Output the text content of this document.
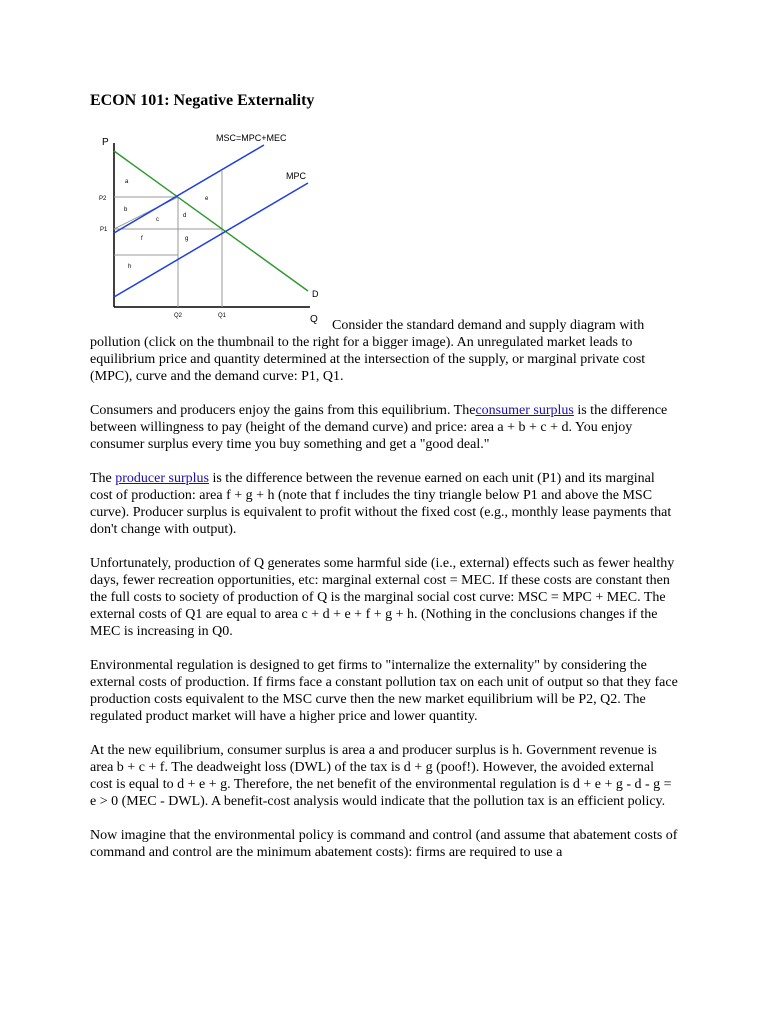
ECON 101: Negative Externality
P
Q
MSC=MPC+MEC
MPC
D
P2
P1
Q2	Q1
a
b
c
d
e
f	g
h
Consider the standard demand and supply diagram with

pollution (click on the thumbnail to the right for a bigger image). An unregulated market leads to equilibrium price and quantity determined at the intersection of the supply, or marginal private cost (MPC), curve and the demand curve: P1, Q1.

Consumers and producers enjoy the gains from this equilibrium. Theconsumer surplus is the difference between willingness to pay (height of the demand curve) and price: area a + b + c + d. You enjoy consumer surplus every time you buy something and get a "good deal."

The producer surplus is the difference between the revenue earned on each unit (P1) and its marginal cost of production: area f + g + h (note that f includes the tiny triangle below P1 and above the MSC curve). Producer surplus is equivalent to profit without the fixed cost (e.g., monthly lease payments that don't change with output).

Unfortunately, production of Q generates some harmful side (i.e., external) effects such as fewer healthy days, fewer recreation opportunities, etc: marginal external cost = MEC. If these costs are constant then the full costs to society of production of Q is the marginal social cost curve: MSC = MPC + MEC. The external costs of Q1 are equal to area c + d + e + f + g + h. (Nothing in the conclusions changes if the MEC is increasing in Q0.

Environmental regulation is designed to get firms to "internalize the externality" by considering the external costs of production. If firms face a constant pollution tax on each unit of output so that they face production costs equivalent to the MSC curve then the new market equilibrium will be P2, Q2. The regulated product market will have a higher price and lower quantity.

At the new equilibrium, consumer surplus is area a and producer surplus is h. Government revenue is area b + c + f. The deadweight loss (DWL) of the tax is d + g (poof!). However, the avoided external cost is equal to d + e + g. Therefore, the net benefit of the environmental regulation is d + e + g - d - g = e > 0 (MEC - DWL). A benefit-cost analysis would indicate that the pollution tax is an efficient policy.

Now imagine that the environmental policy is command and control (and assume that abatement costs of command and control are the minimum abatement costs): firms are required to use a
